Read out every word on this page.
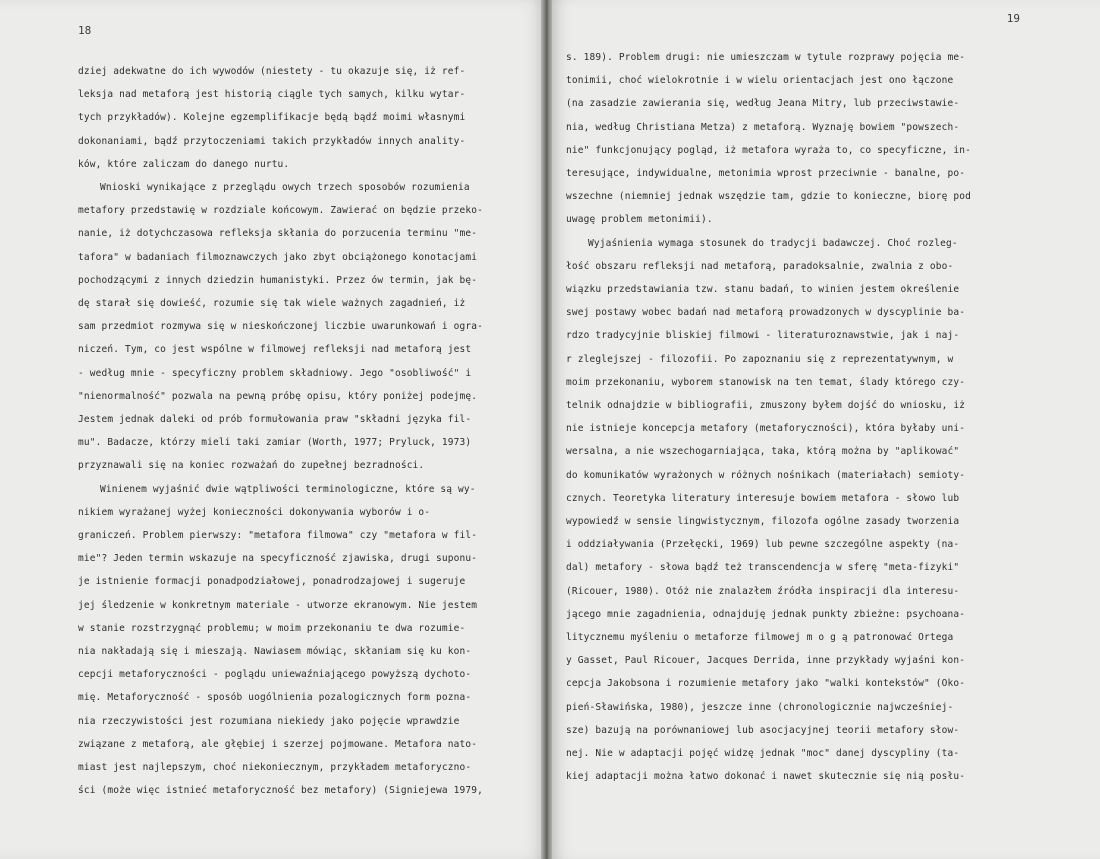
18
dziej adekwatne do ich wywodów (niestety - tu okazuje się, iż ref-
leksja nad metaforą jest historią ciągle tych samych, kilku wytar-
tych przykładów). Kolejne egzemplifikacje będą bądź moimi własnymi
dokonaniami, bądź przytoczeniami takich przykładów innych anality-
ków, które zaliczam do danego nurtu.
Wnioski wynikające z przeglądu owych trzech sposobów rozumienia
metafory przedstawię w rozdziale końcowym. Zawierać on będzie przeko-
nanie, iż dotychczasowa refleksja skłania do porzucenia terminu "me-
tafora" w badaniach filmoznawczych jako zbyt obciążonego konotacjami
pochodzącymi z innych dziedzin humanistyki. Przez ów termin, jak bę-
dę starał się dowieść, rozumie się tak wiele ważnych zagadnień, iż
sam przedmiot rozmywa się w nieskończonej liczbie uwarunkowań i ogra-
niczeń. Tym, co jest wspólne w filmowej refleksji nad metaforą jest
- według mnie - specyficzny problem składniowy. Jego "osobliwość" i
"nienormalność" pozwala na pewną próbę opisu, który poniżej podejmę.
Jestem jednak daleki od prób formułowania praw "składni języka fil-
mu". Badacze, którzy mieli taki zamiar (Worth, 1977; Pryluck, 1973)
przyznawali się na koniec rozważań do zupełnej bezradności.
Winienem wyjaśnić dwie wątpliwości terminologiczne, które są wy-
nikiem wyrażanej wyżej konieczności dokonywania wyborów i o-
graniczeń. Problem pierwszy: "metafora filmowa" czy "metafora w fil-
mie"? Jeden termin wskazuje na specyficzność zjawiska, drugi suponu-
je istnienie formacji ponadpodziałowej, ponadrodzajowej i sugeruje
jej śledzenie w konkretnym materiale - utworze ekranowym. Nie jestem
w stanie rozstrzygnąć problemu; w moim przekonaniu te dwa rozumie-
nia nakładają się i mieszają. Nawiasem mówiąc, skłaniam się ku kon-
cepcji metaforyczności - poglądu uniewaźniającego powyższą dychoto-
mię. Metaforyczność - sposób uogólnienia pozalogicznych form pozna-
nia rzeczywistości jest rozumiana niekiedy jako pojęcie wprawdzie
związane z metaforą, ale głębiej i szerzej pojmowane. Metafora nato-
miast jest najlepszym, choć niekoniecznym, przykładem metaforyczno-
ści (może więc istnieć metaforyczność bez metafory) (Signiejewa 1979,
19
s. 189). Problem drugi: nie umieszczam w tytule rozprawy pojęcia me-
tonimii, choć wielokrotnie i w wielu orientacjach jest ono łączone
(na zasadzie zawierania się, według Jeana Mitry, lub przeciwstawie-
nia, według Christiana Metza) z metaforą. Wyznaję bowiem "powszech-
nie" funkcjonujący pogląd, iż metafora wyraża to, co specyficzne, in-
teresujące, indywidualne, metonimia wprost przeciwnie - banalne, po-
wszechne (niemniej jednak wszędzie tam, gdzie to konieczne, biorę pod
uwagę problem metonimii).
Wyjaśnienia wymaga stosunek do tradycji badawczej. Choć rozleg-
łość obszaru refleksji nad metaforą, paradoksalnie, zwalnia z obo-
wiązku przedstawiania tzw. stanu badań, to winien jestem określenie
swej postawy wobec badań nad metaforą prowadzonych w dyscyplinie ba-
rdzo tradycyjnie bliskiej filmowi - literaturoznawstwie, jak i naj-
r zleglejszej - filozofii. Po zapoznaniu się z reprezentatywnym, w
moim przekonaniu, wyborem stanowisk na ten temat, ślady którego czy-
telnik odnajdzie w bibliografii, zmuszony byłem dojść do wniosku, iż
nie istnieje koncepcja metafory (metaforyczności), która byłaby uni-
wersalna, a nie wszechogarniająca, taka, którą można by "aplikować"
do komunikatów wyrażonych w różnych nośnikach (materiałach) semioty-
cznych. Teoretyka literatury interesuje bowiem metafora - słowo lub
wypowiedź w sensie lingwistycznym, filozofa ogólne zasady tworzenia
i oddziaływania (Przełęcki, 1969) lub pewne szczególne aspekty (na-
dal) metafory - słowa bądź też transcendencja w sferę "meta-fizyki"
(Ricouer, 1980). Otóż nie znalazłem źródła inspiracji dla interesu-
jącego mnie zagadnienia, odnajduję jednak punkty zbieżne: psychoana-
litycznemu myśleniu o metaforze filmowej m o g ą patronować Ortega
y Gasset, Paul Ricouer, Jacques Derrida, inne przykłady wyjaśni kon-
cepcja Jakobsona i rozumienie metafory jako "walki kontekstów" (Oko-
pień-Sławińska, 1980), jeszcze inne (chronologicznie najwcześniej-
sze) bazują na porównaniowej lub asocjacyjnej teorii metafory słow-
nej. Nie w adaptacji pojęć widzę jednak "moc" danej dyscypliny (ta-
kiej adaptacji można łatwo dokonać i nawet skutecznie się nią posłu-
